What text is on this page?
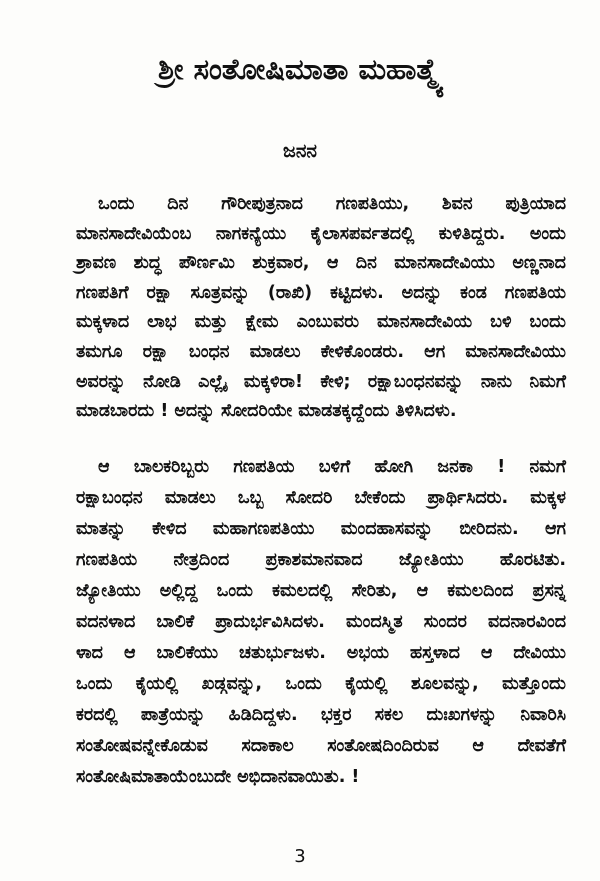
ಶ್ರೀ ಸಂತೋಷಿಮಾತಾ ಮಹಾತ್ಮ್ಯೆ
ಜನನ
ಒಂದು ದಿನ ಗೌರೀಪುತ್ರನಾದ ಗಣಪತಿಯು, ಶಿವನ ಪುತ್ರಿಯಾದ
ಮಾನಸಾದೇವಿಯೆಂಬ ನಾಗಕನ್ಯೆಯು ಕೈಲಾಸಪರ್ವತದಲ್ಲಿ ಕುಳಿತಿದ್ದರು. ಅಂದು
ಶ್ರಾವಣ ಶುದ್ಧ ಪೌರ್ಣಮಿ ಶುಕ್ರವಾರ, ಆ ದಿನ ಮಾನಸಾದೇವಿಯು ಅಣ್ಣನಾದ
ಗಣಪತಿಗೆ ರಕ್ಷಾ ಸೂತ್ರವನ್ನು (ರಾಖಿ) ಕಟ್ಟಿದಳು. ಅದನ್ನು ಕಂಡ ಗಣಪತಿಯ
ಮಕ್ಕಳಾದ ಲಾಭ ಮತ್ತು ಕ್ಷೇಮ ಎಂಬುವರು ಮಾನಸಾದೇವಿಯ ಬಳಿ ಬಂದು
ತಮಗೂ ರಕ್ಷಾ ಬಂಧನ ಮಾಡಲು ಕೇಳಿಕೊಂಡರು. ಆಗ ಮಾನಸಾದೇವಿಯು
ಅವರನ್ನು ನೋಡಿ ಎಲ್ಲೈ ಮಕ್ಕಳಿರಾ! ಕೇಳಿ; ರಕ್ಷಾಬಂಧನವನ್ನು ನಾನು ನಿಮಗೆ
ಮಾಡಬಾರದು ! ಅದನ್ನು ಸೋದರಿಯೇ ಮಾಡತಕ್ಕದ್ದೆಂದು ತಿಳಿಸಿದಳು.
ಆ ಬಾಲಕರಿಬ್ಬರು ಗಣಪತಿಯ ಬಳಿಗೆ ಹೋಗಿ ಜನಕಾ ! ನಮಗೆ
ರಕ್ಷಾಬಂಧನ ಮಾಡಲು ಒಬ್ಬ ಸೋದರಿ ಬೇಕೆಂದು ಪ್ರಾರ್ಥಿಸಿದರು. ಮಕ್ಕಳ
ಮಾತನ್ನು ಕೇಳಿದ ಮಹಾಗಣಪತಿಯು ಮಂದಹಾಸವನ್ನು ಬೀರಿದನು. ಆಗ
ಗಣಪತಿಯ ನೇತ್ರದಿಂದ ಪ್ರಕಾಶಮಾನವಾದ ಜ್ಯೋತಿಯು ಹೊರಟಿತು.
ಜ್ಯೋತಿಯು ಅಲ್ಲಿದ್ದ ಒಂದು ಕಮಲದಲ್ಲಿ ಸೇರಿತು, ಆ ಕಮಲದಿಂದ ಪ್ರಸನ್ನ
ವದನಳಾದ ಬಾಲಿಕೆ ಪ್ರಾದುರ್ಭವಿಸಿದಳು. ಮಂದಸ್ಮಿತ ಸುಂದರ ವದನಾರವಿಂದ
ಳಾದ ಆ ಬಾಲಿಕೆಯು ಚತುರ್ಭುಜಳು. ಅಭಯ ಹಸ್ತಳಾದ ಆ ದೇವಿಯು
ಒಂದು ಕೈಯಲ್ಲಿ ಖಡ್ಗವನ್ನು, ಒಂದು ಕೈಯಲ್ಲಿ ಶೂಲವನ್ನು, ಮತ್ತೊಂದು
ಕರದಲ್ಲಿ ಪಾತ್ರೆಯನ್ನು ಹಿಡಿದಿದ್ದಳು. ಭಕ್ತರ ಸಕಲ ದುಃಖಗಳನ್ನು ನಿವಾರಿಸಿ
ಸಂತೋಷವನ್ನೇಕೊಡುವ ಸದಾಕಾಲ ಸಂತೋಷದಿಂದಿರುವ ಆ ದೇವತೆಗೆ
ಸಂತೋಷಿಮಾತಾಯೆಂಬುದೇ ಅಭಿದಾನವಾಯಿತು. !
3
